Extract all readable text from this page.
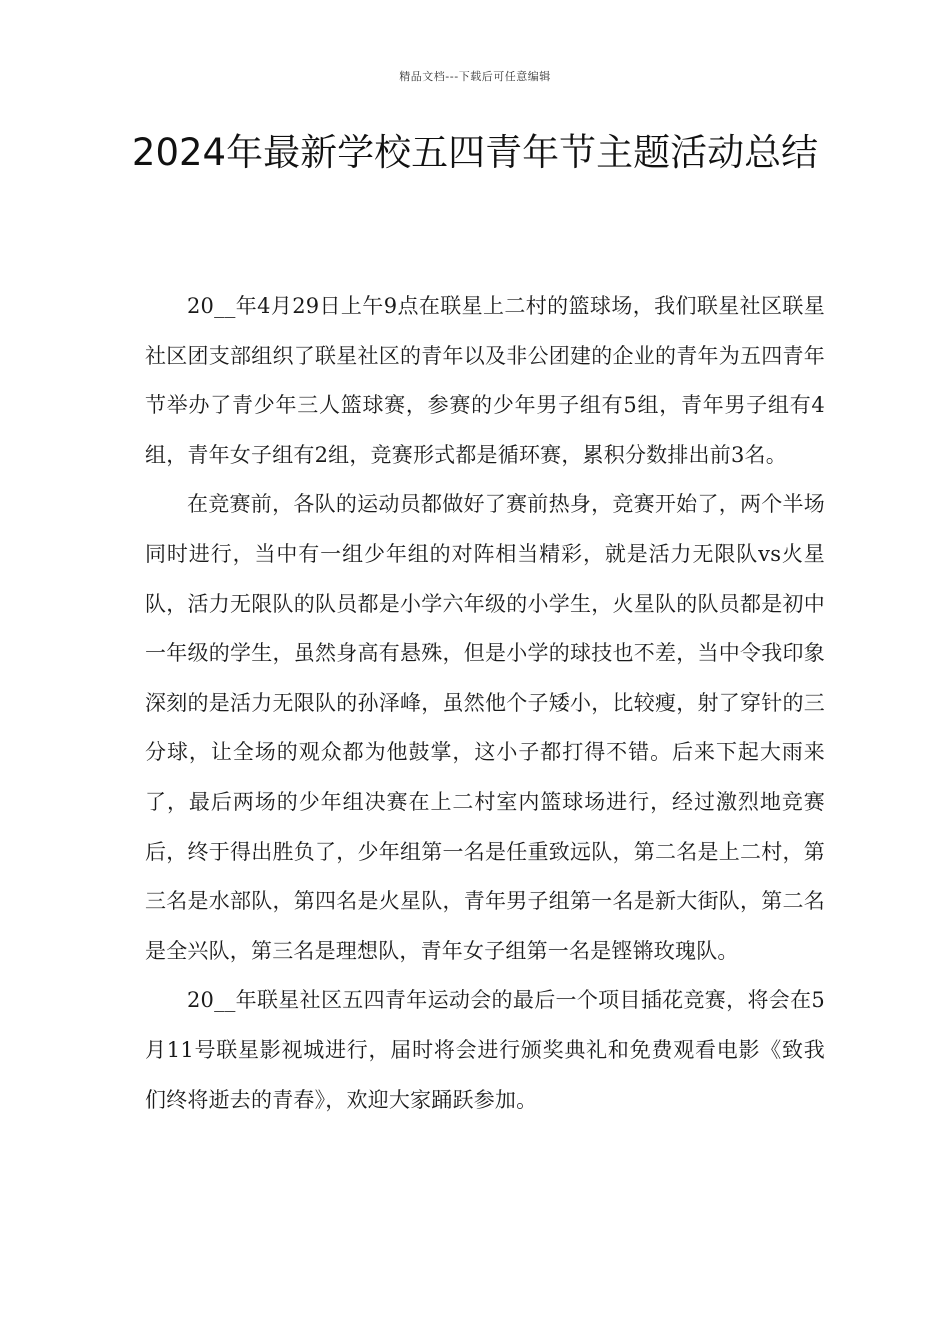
精品文档---下载后可任意编辑
2024年最新学校五四青年节主题活动总结

20__年4月29日上午9点在联星上二村的篮球场，我们联星社区联星社区团支部组织了联星社区的青年以及非公团建的企业的青年为五四青年节举办了青少年三人篮球赛，参赛的少年男子组有5组，青年男子组有4组，青年女子组有2组，竞赛形式都是循环赛，累积分数排出前3名。

在竞赛前，各队的运动员都做好了赛前热身，竞赛开始了，两个半场同时进行，当中有一组少年组的对阵相当精彩，就是活力无限队vs火星队，活力无限队的队员都是小学六年级的小学生，火星队的队员都是初中一年级的学生，虽然身高有悬殊，但是小学的球技也不差，当中令我印象深刻的是活力无限队的孙泽峰，虽然他个子矮小，比较瘦，射了穿针的三分球，让全场的观众都为他鼓掌，这小子都打得不错。后来下起大雨来了，最后两场的少年组决赛在上二村室内篮球场进行，经过激烈地竞赛后，终于得出胜负了，少年组第一名是任重致远队，第二名是上二村，第三名是水部队，第四名是火星队，青年男子组第一名是新大街队，第二名是全兴队，第三名是理想队，青年女子组第一名是铿锵玫瑰队。

20__年联星社区五四青年运动会的最后一个项目插花竞赛，将会在5月11号联星影视城进行，届时将会进行颁奖典礼和免费观看电影《致我们终将逝去的青春》，欢迎大家踊跃参加。
